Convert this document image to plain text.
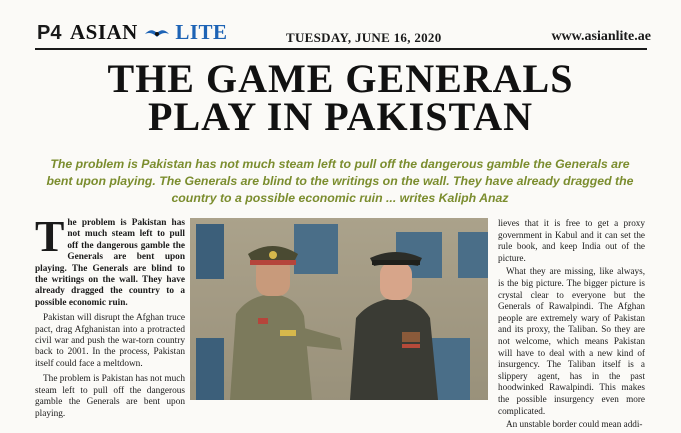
P4 ASIAN LITE	TUESDAY, JUNE 16, 2020	www.asianlite.ae
THE GAME GENERALS
PLAY IN PAKISTAN
The problem is Pakistan has not much steam left to pull off the dangerous gamble the Generals are bent upon playing. The Generals are blind to the writings on the wall. They have already dragged the country to a possible economic ruin ... writes Kaliph Anaz

The problem is Pakistan has not much steam left to pull off the dangerous gamble the Generals are bent upon playing. The Generals are blind to the writings on the wall. They have already dragged the country to a possible economic ruin.

Pakistan will disrupt the Afghan truce pact, drag Afghanistan into a protracted civil war and push the war-torn country back to 2001. In the process, Pakistan itself could face a meltdown.

The problem is Pakistan has not much steam left to pull off the dangerous gamble the Generals are bent upon playing.

lieves that it is free to get a proxy government in Kabul and it can set the rule book, and keep India out of the picture.

What they are missing, like always, is the big picture. The bigger picture is crystal clear to everyone but the Generals of Rawalpindi. The Afghan people are extremely wary of Pakistan and its proxy, the Taliban. So they are not welcome, which means Pakistan will have to deal with a new kind of insurgency. The Taliban itself is a slippery agent, has in the past hoodwinked Rawalpindi. This makes the possible insurgency even more complicated.

An unstable border could mean addi-
